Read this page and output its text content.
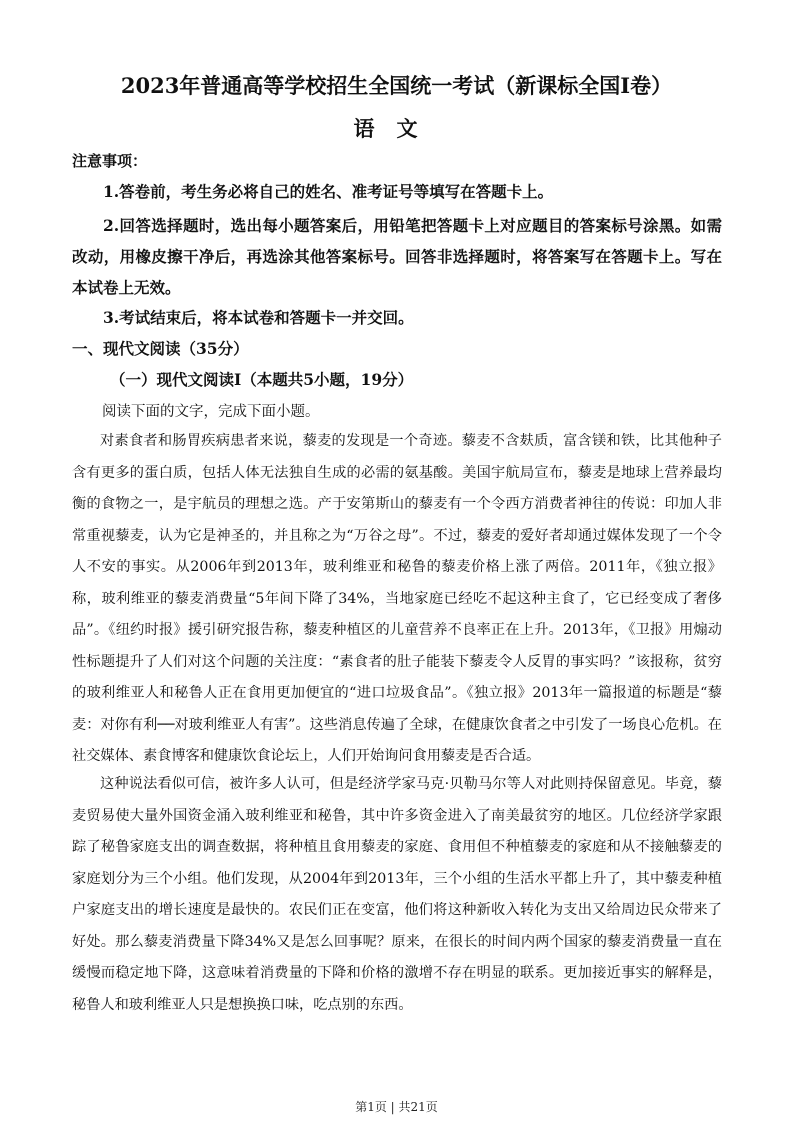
2023年普通高等学校招生全国统一考试（新课标全国Ⅰ卷）
语文
注意事项：
1.答卷前，考生务必将自己的姓名、准考证号等填写在答题卡上。
2.回答选择题时，选出每小题答案后，用铅笔把答题卡上对应题目的答案标号涂黑。如需改动，用橡皮擦干净后，再选涂其他答案标号。回答非选择题时，将答案写在答题卡上。写在本试卷上无效。
3.考试结束后，将本试卷和答题卡一并交回。
一、现代文阅读（35分）
（一）现代文阅读Ⅰ（本题共5小题，19分）
阅读下面的文字，完成下面小题。
对素食者和肠胃疾病患者来说，藜麦的发现是一个奇迹。藜麦不含麸质，富含镁和铁，比其他种子含有更多的蛋白质，包括人体无法独自生成的必需的氨基酸。美国宇航局宣布，藜麦是地球上营养最均衡的食物之一，是宇航员的理想之选。产于安第斯山的藜麦有一个令西方消费者神往的传说：印加人非常重视藜麦，认为它是神圣的，并且称之为“万谷之母”。不过，藜麦的爱好者却通过媒体发现了一个令人不安的事实。从2006年到2013年，玻利维亚和秘鲁的藜麦价格上涨了两倍。2011年，《独立报》称，玻利维亚的藜麦消费量“5年间下降了34%，当地家庭已经吃不起这种主食了，它已经变成了奢侈品”。《纽约时报》援引研究报告称，藜麦种植区的儿童营养不良率正在上升。2013年，《卫报》用煽动性标题提升了人们对这个问题的关注度：“素食者的肚子能装下藜麦令人反胃的事实吗？”该报称，贫穷的玻利维亚人和秘鲁人正在食用更加便宜的“进口垃圾食品”。《独立报》2013年一篇报道的标题是“藜麦：对你有利──对玻利维亚人有害”。这些消息传遍了全球，在健康饮食者之中引发了一场良心危机。在社交媒体、素食博客和健康饮食论坛上，人们开始询问食用藜麦是否合适。
这种说法看似可信，被许多人认可，但是经济学家马克·贝勒马尔等人对此则持保留意见。毕竟，藜麦贸易使大量外国资金涌入玻利维亚和秘鲁，其中许多资金进入了南美最贫穷的地区。几位经济学家跟踪了秘鲁家庭支出的调查数据，将种植且食用藜麦的家庭、食用但不种植藜麦的家庭和从不接触藜麦的家庭划分为三个小组。他们发现，从2004年到2013年，三个小组的生活水平都上升了，其中藜麦种植户家庭支出的增长速度是最快的。农民们正在变富，他们将这种新收入转化为支出又给周边民众带来了好处。那么藜麦消费量下降34%又是怎么回事呢？原来，在很长的时间内两个国家的藜麦消费量一直在缓慢而稳定地下降，这意味着消费量的下降和价格的激增不存在明显的联系。更加接近事实的解释是，秘鲁人和玻利维亚人只是想换换口味，吃点别的东西。
第1页 | 共21页
